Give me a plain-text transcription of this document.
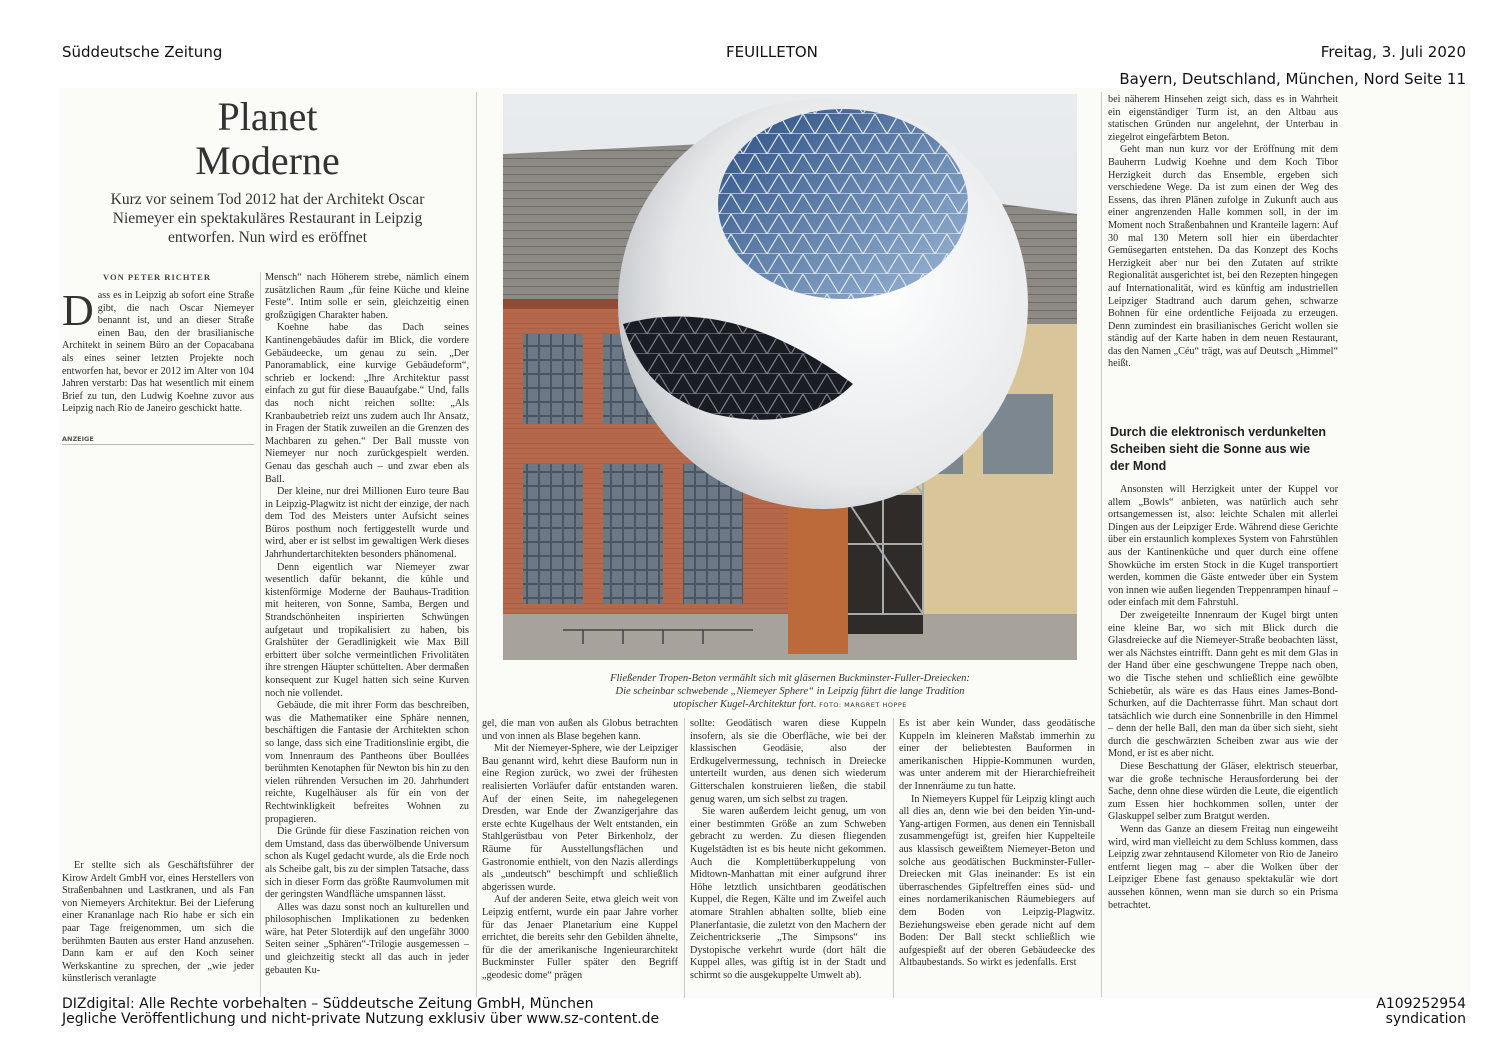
Süddeutsche Zeitung	FEUILLETON	Freitag, 3. Juli 2020
Bayern, Deutschland, München, Nord Seite 11
Planet
Moderne
Kurz vor seinem Tod 2012 hat der Architekt Oscar Niemeyer ein spektakuläres Restaurant in Leipzig entworfen. Nun wird es eröffnet
VON PETER RICHTER

Dass es in Leipzig ab sofort eine Straße gibt, die nach Oscar Niemeyer benannt ist, und an dieser Straße einen Bau, den der brasilianische Architekt in seinem Büro an der Copacabana als eines seiner letzten Projekte noch entworfen hat, bevor er 2012 im Alter von 104 Jahren verstarb: Das hat wesentlich mit einem Brief zu tun, den Ludwig Koehne zuvor aus Leipzig nach Rio de Janeiro geschickt hatte.

ANZEIGE

Er stellte sich als Geschäftsführer der Kirow Ardelt GmbH vor, eines Herstellers von Straßenbahnen und Lastkranen, und als Fan von Niemeyers Architektur. Bei der Lieferung einer Krananlage nach Rio habe er sich ein paar Tage freigenommen, um sich die berühmten Bauten aus erster Hand anzusehen. Dann kam er auf den Koch seiner Werkskantine zu sprechen, der „wie jeder künstlerisch veranlagte

Mensch“ nach Höherem strebe, nämlich einem zusätzlichen Raum „für feine Küche und kleine Feste“. Intim solle er sein, gleichzeitig einen großzügigen Charakter haben.

Koehne habe das Dach seines Kantinengebäudes dafür im Blick, die vordere Gebäudeecke, um genau zu sein. „Der Panoramablick, eine kurvige Gebäudeform“, schrieb er lockend: „Ihre Architektur passt einfach zu gut für diese Bauaufgabe.“ Und, falls das noch nicht reichen sollte: „Als Kranbaubetrieb reizt uns zudem auch Ihr Ansatz, in Fragen der Statik zuweilen an die Grenzen des Machbaren zu gehen.“ Der Ball musste von Niemeyer nur noch zurückgespielt werden. Genau das geschah auch – und zwar eben als Ball.

Der kleine, nur drei Millionen Euro teure Bau in Leipzig-Plagwitz ist nicht der einzige, der nach dem Tod des Meisters unter Aufsicht seines Büros posthum noch fertiggestellt wurde und wird, aber er ist selbst im gewaltigen Werk dieses Jahrhundertarchitekten besonders phänomenal.

Denn eigentlich war Niemeyer zwar wesentlich dafür bekannt, die kühle und kistenförmige Moderne der Bauhaus-Tradition mit heiteren, von Sonne, Samba, Bergen und Strandschönheiten inspirierten Schwüngen aufgetaut und tropikalisiert zu haben, bis Gralshüter der Geradlinigkeit wie Max Bill erbittert über solche vermeintlichen Frivolitäten ihre strengen Häupter schüttelten. Aber dermaßen konsequent zur Kugel hatten sich seine Kurven noch nie vollendet.

Gebäude, die mit ihrer Form das beschreiben, was die Mathematiker eine Sphäre nennen, beschäftigen die Fantasie der Architekten schon so lange, dass sich eine Traditionslinie ergibt, die vom Innenraum des Pantheons über Boullées berühmten Kenotaphen für Newton bis hin zu den vielen rührenden Versuchen im 20. Jahrhundert reichte, Kugelhäuser als für ein von der Rechtwinkligkeit befreites Wohnen zu propagieren.

Die Gründe für diese Faszination reichen von dem Umstand, dass das überwölbende Universum schon als Kugel gedacht wurde, als die Erde noch als Scheibe galt, bis zu der simplen Tatsache, dass sich in dieser Form das größte Raumvolumen mit der geringsten Wandfläche umspannen lässt.

Alles was dazu sonst noch an kulturellen und philosophischen Implikationen zu bedenken wäre, hat Peter Sloterdijk auf den ungefähr 3000 Seiten seiner „Sphären“-Trilogie ausgemessen – und gleichzeitig steckt all das auch in jeder gebauten Ku-

Fließender Tropen-Beton vermählt sich mit gläsernen Buckminster-Fuller-Dreiecken:
Die scheinbar schwebende „Niemeyer Sphere“ in Leipzig führt die lange Tradition
utopischer Kugel-Architektur fort. FOTO: MARGRET HOPPE

gel, die man von außen als Globus betrachten und von innen als Blase begehen kann.

Mit der Niemeyer-Sphere, wie der Leipziger Bau genannt wird, kehrt diese Bauform nun in eine Region zurück, wo zwei der frühesten realisierten Vorläufer dafür entstanden waren. Auf der einen Seite, im nahegelegenen Dresden, war Ende der Zwanzigerjahre das erste echte Kugelhaus der Welt entstanden, ein Stahlgerüstbau von Peter Birkenholz, der Räume für Ausstellungsflächen und Gastronomie enthielt, von den Nazis allerdings als „undeutsch“ beschimpft und schließlich abgerissen wurde.

Auf der anderen Seite, etwa gleich weit von Leipzig entfernt, wurde ein paar Jahre vorher für das Jenaer Planetarium eine Kuppel errichtet, die bereits sehr den Gebilden ähnelte, für die der amerikanische Ingenieurarchitekt Buckminster Fuller später den Begriff „geodesic dome“ prägen

sollte: Geodätisch waren diese Kuppeln insofern, als sie die Oberfläche, wie bei der klassischen Geodäsie, also der Erdkugelvermessung, technisch in Dreiecke unterteilt wurden, aus denen sich wiederum Gitterschalen konstruieren ließen, die stabil genug waren, um sich selbst zu tragen.

Sie waren außerdem leicht genug, um von einer bestimmten Größe an zum Schweben gebracht zu werden. Zu diesen fliegenden Kugelstädten ist es bis heute nicht gekommen. Auch die Komplettüberkuppelung von Midtown-Manhattan mit einer aufgrund ihrer Höhe letztlich unsichtbaren geodätischen Kuppel, die Regen, Kälte und im Zweifel auch atomare Strahlen abhalten sollte, blieb eine Planerfantasie, die zuletzt von den Machern der Zeichentrickserie „The Simpsons“ ins Dystopische verkehrt wurde (dort hält die Kuppel alles, was giftig ist in der Stadt und schirmt so die ausgekuppelte Umwelt ab).

Es ist aber kein Wunder, dass geodätische Kuppeln im kleineren Maßstab immerhin zu einer der beliebtesten Bauformen in amerikanischen Hippie-Kommunen wurden, was unter anderem mit der Hierarchiefreiheit der Innenräume zu tun hatte.

In Niemeyers Kuppel für Leipzig klingt auch all dies an, denn wie bei den beiden Yin-und-Yang-artigen Formen, aus denen ein Tennisball zusammengefügt ist, greifen hier Kuppelteile aus klassisch geweißtem Niemeyer-Beton und solche aus geodätischen Buckminster-Fuller-Dreiecken mit Glas ineinander: Es ist ein überraschendes Gipfeltreffen eines süd- und eines nordamerikanischen Räumebiegers auf dem Boden von Leipzig-Plagwitz. Beziehungsweise eben gerade nicht auf dem Boden: Der Ball steckt schließlich wie aufgespießt auf der oberen Gebäudeecke des Altbaubestands. So wirkt es jedenfalls. Erst

bei näherem Hinsehen zeigt sich, dass es in Wahrheit ein eigenständiger Turm ist, an den Altbau aus statischen Gründen nur angelehnt, der Unterbau in ziegelrot eingefärbtem Beton.

Geht man nun kurz vor der Eröffnung mit dem Bauherrn Ludwig Koehne und dem Koch Tibor Herzigkeit durch das Ensemble, ergeben sich verschiedene Wege. Da ist zum einen der Weg des Essens, das ihren Plänen zufolge in Zukunft auch aus einer angrenzenden Halle kommen soll, in der im Moment noch Straßenbahnen und Kranteile lagern: Auf 30 mal 130 Metern soll hier ein überdachter Gemüsegarten entstehen. Da das Konzept des Kochs Herzigkeit aber nur bei den Zutaten auf strikte Regionalität ausgerichtet ist, bei den Rezepten hingegen auf Internationalität, wird es künftig am industriellen Leipziger Stadtrand auch darum gehen, schwarze Bohnen für eine ordentliche Feijoada zu erzeugen. Denn zumindest ein brasilianisches Gericht wollen sie ständig auf der Karte haben in dem neuen Restaurant, das den Namen „Céu“ trägt, was auf Deutsch „Himmel“ heißt.

Durch die elektronisch verdunkelten Scheiben sieht die Sonne aus wie der Mond

Ansonsten will Herzigkeit unter der Kuppel vor allem „Bowls“ anbieten, was natürlich auch sehr ortsangemessen ist, also: leichte Schalen mit allerlei Dingen aus der Leipziger Erde. Während diese Gerichte über ein erstaunlich komplexes System von Fahrstühlen aus der Kantinenküche und quer durch eine offene Showküche im ersten Stock in die Kugel transportiert werden, kommen die Gäste entweder über ein System von innen wie außen liegenden Treppenrampen hinauf – oder einfach mit dem Fahrstuhl.

Der zweigeteilte Innenraum der Kugel birgt unten eine kleine Bar, wo sich mit Blick durch die Glasdreiecke auf die Niemeyer-Straße beobachten lässt, wer als Nächstes eintrifft. Dann geht es mit dem Glas in der Hand über eine geschwungene Treppe nach oben, wo die Tische stehen und schließlich eine gewölbte Schiebetür, als wäre es das Haus eines James-Bond-Schurken, auf die Dachterrasse führt. Man schaut dort tatsächlich wie durch eine Sonnenbrille in den Himmel – denn der helle Ball, den man da über sich sieht, sieht durch die geschwärzten Scheiben zwar aus wie der Mond, er ist es aber nicht.

Diese Beschattung der Gläser, elektrisch steuerbar, war die große technische Herausforderung bei der Sache, denn ohne diese würden die Leute, die eigentlich zum Essen hier hochkommen sollen, unter der Glaskuppel selber zum Bratgut werden.

Wenn das Ganze an diesem Freitag nun eingeweiht wird, wird man vielleicht zu dem Schluss kommen, dass Leipzig zwar zehntausend Kilometer von Rio de Janeiro entfernt liegen mag – aber die Wolken über der Leipziger Ebene fast genauso spektakulär wie dort aussehen können, wenn man sie durch so ein Prisma betrachtet.

DIZdigital: Alle Rechte vorbehalten – Süddeutsche Zeitung GmbH, München
Jegliche Veröffentlichung und nicht-private Nutzung exklusiv über www.sz-content.de
A109252954
syndication
